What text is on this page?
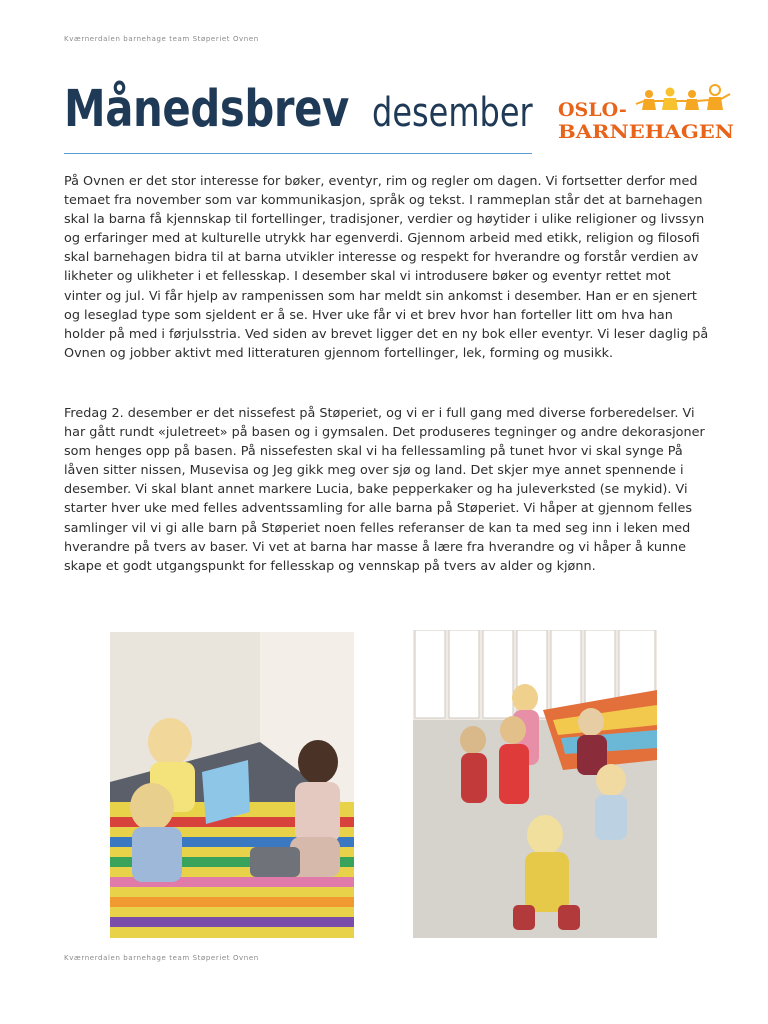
Kværnerdalen barnehage team Støperiet Ovnen
Månedsbrev desember	OSLO-
BARNEHAGEN

På Ovnen er det stor interesse for bøker, eventyr, rim og regler om dagen. Vi fortsetter derfor med temaet fra november som var kommunikasjon, språk og tekst. I rammeplan står det at barnehagen skal la barna få kjennskap til fortellinger, tradisjoner, verdier og høytider i ulike religioner og livssyn og erfaringer med at kulturelle utrykk har egenverdi. Gjennom arbeid med etikk, religion og filosofi skal barnehagen bidra til at barna utvikler interesse og respekt for hverandre og forstår verdien av likheter og ulikheter i et fellesskap. I desember skal vi introdusere bøker og eventyr rettet mot vinter og jul. Vi får hjelp av rampenissen som har meldt sin ankomst i desember. Han er en sjenert og leseglad type som sjeldent er å se. Hver uke får vi et brev hvor han forteller litt om hva han holder på med i førjulsstria. Ved siden av brevet ligger det en ny bok eller eventyr. Vi leser daglig på Ovnen og jobber aktivt med litteraturen gjennom fortellinger, lek, forming og musikk.

Fredag 2. desember er det nissefest på Støperiet, og vi er i full gang med diverse forberedelser. Vi har gått rundt «juletreet» på basen og i gymsalen. Det produseres tegninger og andre dekorasjoner som henges opp på basen. På nissefesten skal vi ha fellessamling på tunet hvor vi skal synge På låven sitter nissen, Musevisa og Jeg gikk meg over sjø og land. Det skjer mye annet spennende i desember. Vi skal blant annet markere Lucia, bake pepperkaker og ha juleverksted (se mykid). Vi starter hver uke med felles adventssamling for alle barna på Støperiet. Vi håper at gjennom felles samlinger vil vi gi alle barn på Støperiet noen felles referanser de kan ta med seg inn i leken med hverandre på tvers av baser. Vi vet at barna har masse å lære fra hverandre og vi håper å kunne skape et godt utgangspunkt for fellesskap og vennskap på tvers av alder og kjønn.

Kværnerdalen barnehage team Støperiet Ovnen
